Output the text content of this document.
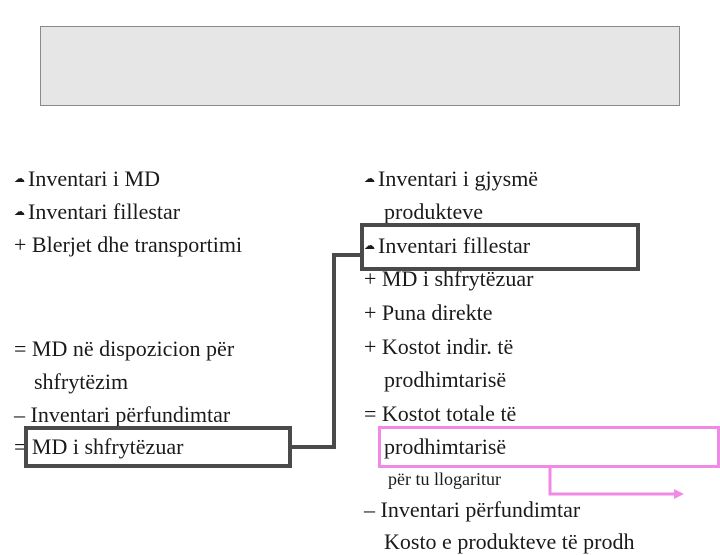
☁ Inventari i MD
☁ Inventari fillestar
+ Blerjet dhe transportimi
= MD në dispozicion për
shfrytëzim
– Inventari përfundimtar
= MD i shfrytëzuar
☁ Inventari i gjysmë
produkteve
☁ Inventari fillestar
+ MD i shfrytëzuar
+ Puna direkte
+ Kostot indir. të
prodhimtarisë
= Kostot totale të
prodhimtarisë
për tu llogaritur
– Inventari përfundimtar
Kosto e produkteve të prodh
